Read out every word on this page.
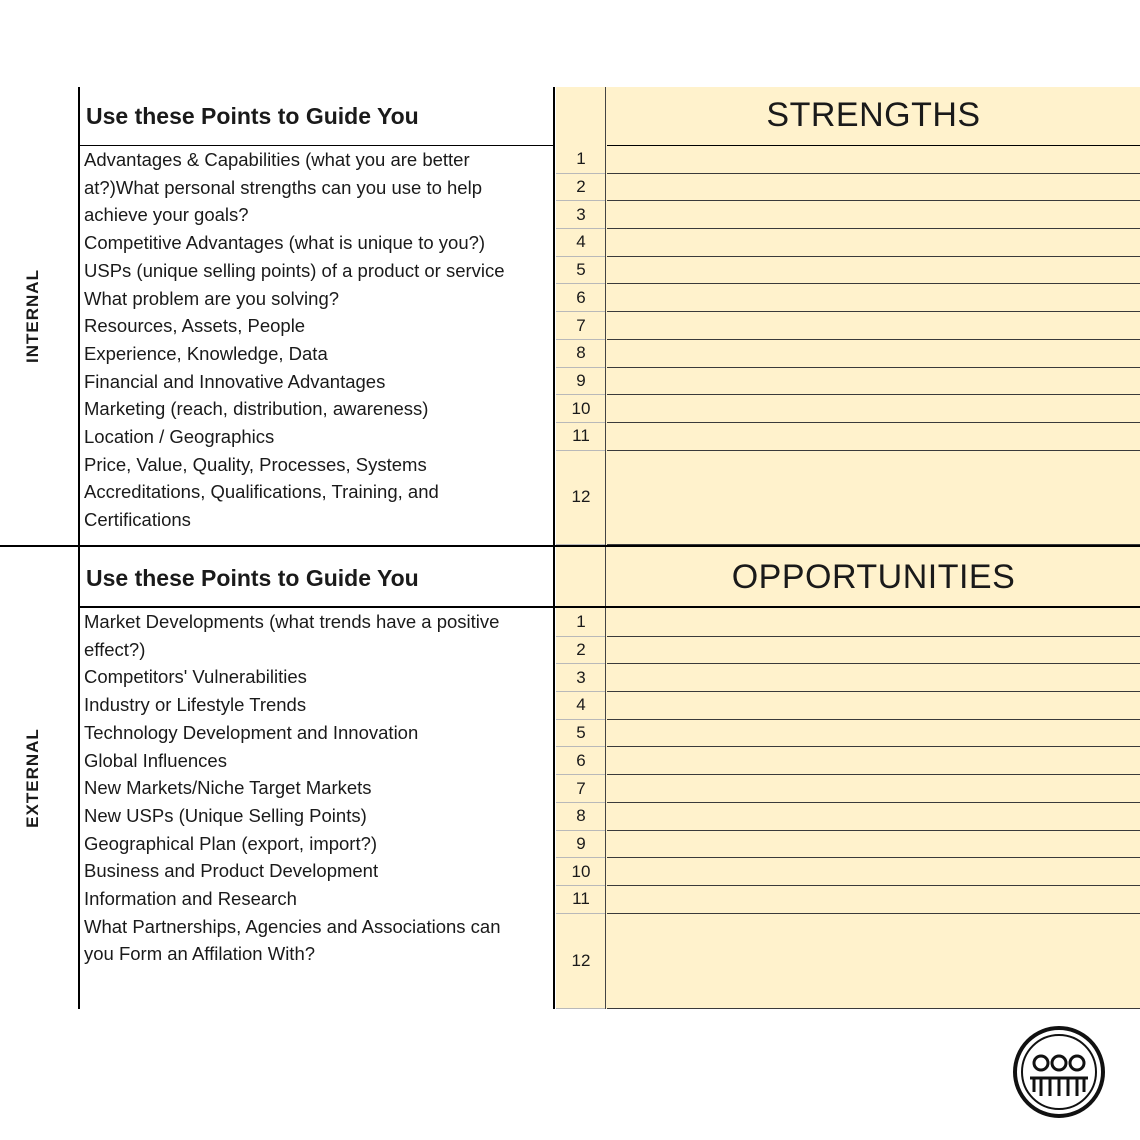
INTERNAL
EXTERNAL
Use these Points to Guide You	STRENGTHS
Advantages & Capabilities (what you are better
at?)What personal strengths can you use to help
achieve your goals?
Competitive Advantages (what is unique to you?)
USPs (unique selling points) of a product or service
What problem are you solving?
Resources, Assets, People
Experience, Knowledge, Data
Financial and Innovative Advantages
Marketing (reach, distribution, awareness)
Location / Geographics
Price, Value, Quality, Processes, Systems
Accreditations, Qualifications, Training, and
Certifications
1
2
3
4
5
6
7
8
9
10
11
12
Use these Points to Guide You	OPPORTUNITIES
Market Developments (what trends have a positive
effect?)
Competitors' Vulnerabilities
Industry or Lifestyle Trends
Technology Development and Innovation
Global Influences
New Markets/Niche Target Markets
New USPs (Unique Selling Points)
Geographical Plan (export, import?)
Business and Product Development
Information and Research
What Partnerships, Agencies and Associations can
you Form an Affilation With?
1
2
3
4
5
6
7
8
9
10
11
12
